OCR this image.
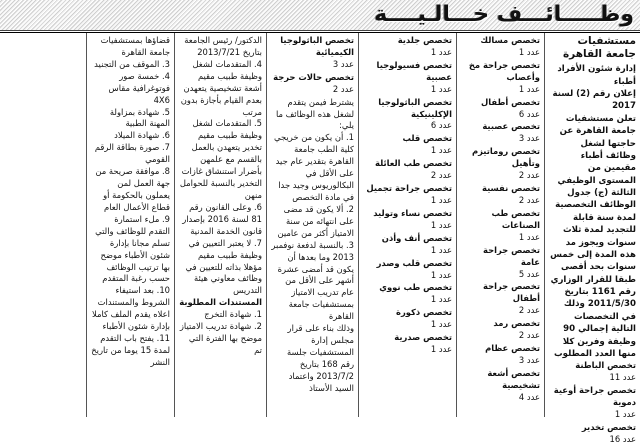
وظـــــائـــف خـــالـيــــة
مستشفيات جامعة القاهرة

إدارة شئون الأفراد أطباء

إعلان رقم (2) لسنة 2017

تعلن مستشفيات جامعة القاهرة عن حاجتها لشغل وظائف أطباء مقيمين من المستوى الوظيفي الثالثة (ج) جدول الوظائف التخصصية لمدة سنة قابلة للتجديد لمدة ثلاث سنوات ويجوز مد هذه المدة إلى خمس سنوات بحد أقصى طبقا للقرار الوزاري رقم 1161 بتاريخ 2011/5/30 وذلك في التخصصات التالية إجمالي 90 وظيفة وفرين كلا منها العدد المطلوب

تخصص الباطنة
عدد 11
تخصص جراحة أوعية دموية
عدد 1
تخصص تخدير
عدد 16
تخصص مسالك
عدد 1
تخصص جراحة مخ وأعصاب
عدد 1
تخصص أطفال
عدد 6
تخصص عصبية
عدد 3
تخصص روماتيزم وتأهيل
عدد 2
تخصص نفسية
عدد 2
تخصص طب الصناعات
عدد 1
تخصص جراحة عامة
عدد 5
تخصص جراحة أطفال
عدد 2
تخصص رمد
عدد 2
تخصص عظام
عدد 3
تخصص أشعة تشخيصية
عدد 4
تخصص جلدية
عدد 1
تخصص فسيولوجيا عصبية
عدد 1
تخصص الباثولوجيا الإكلينيكية
عدد 6
تخصص قلب
عدد 1
تخصص طب العائلة
عدد 2
تخصص جراحة تجميل
عدد 1
تخصص نساء وتوليد
عدد 1
تخصص أنف وأذن
عدد 1
تخصص قلب وصدر
عدد 1
تخصص طب نووي
عدد 1
تخصص ذكورة
عدد 1
تخصص صدرية
عدد 1
تخصص الباثولوجيا الكيميائية
عدد 3
تخصص حالات حرجة
عدد 2

يشترط فيمن يتقدم لشغل هذه الوظائف ما يلي:

1. أن يكون من خريجي كلية الطب جامعة القاهرة بتقدير عام جيد على الأقل في البكالوريوس وجيد جدا في مادة التخصص

2. ألا يكون قد مضى على انتهائه من سنة الامتياز أكثر من عامين

3. بالنسبة لدفعة نوفمبر 2013 وما بعدها أن يكون قد أمضى عشرة أشهر على الأقل من عام تدريب الامتياز بمستشفيات جامعة القاهرة

وذلك بناء على قرار مجلس إدارة المستشفيات جلسة رقم 168 بتاريخ 2013/7/2 واعتماد السيد الأستاذ

الدكتور/ رئيس الجامعة بتاريخ 2013/7/21

4. المتقدمات لشغل وظيفة طبيب مقيم أشعة تشخيصية يتعهدن بعدم القيام بأجازة بدون مرتب

5. المتقدمات لشغل وظيفة طبيب مقيم تخدير يتعهدن بالعمل بالقسم مع علمهن بأضرار استنشاق غازات التخدير بالنسبة للحوامل منهن

6. وعلى القانون رقم 81 لسنة 2016 بإصدار قانون الخدمة المدنية

7. لا يعتبر التعيين في وظيفة طبيب مقيم مؤهلا بذاته للتعيين في وظائف معاوني هيئة التدريس

المستندات المطلوبة

1. شهادة التخرج

2. شهادة تدريب الامتياز موضح بها الفترة التي تم

قضاؤها بمستشفيات جامعة القاهرة

3. الموقف من التجنيد

4. خمسة صور فوتوغرافية مقاس 4X6

5. شهادة بمزاولة المهنة الطبية

6. شهادة الميلاد

7. صورة بطاقة الرقم القومي

8. موافقة صريحة من جهة العمل لمن يعملون بالحكومة أو قطاع الأعمال العام

9. ملء استمارة التقدم للوظائف والتي تسلم مجانا بإدارة شئون الأطباء موضح بها ترتيب الوظائف حسب رغبة المتقدم

10. بعد استيفاء الشروط والمستندات اعلاه يقدم الملف كاملا بإدارة شئون الأطباء

11. يفتح باب التقدم لمدة 15 يوما من تاريخ النشر
